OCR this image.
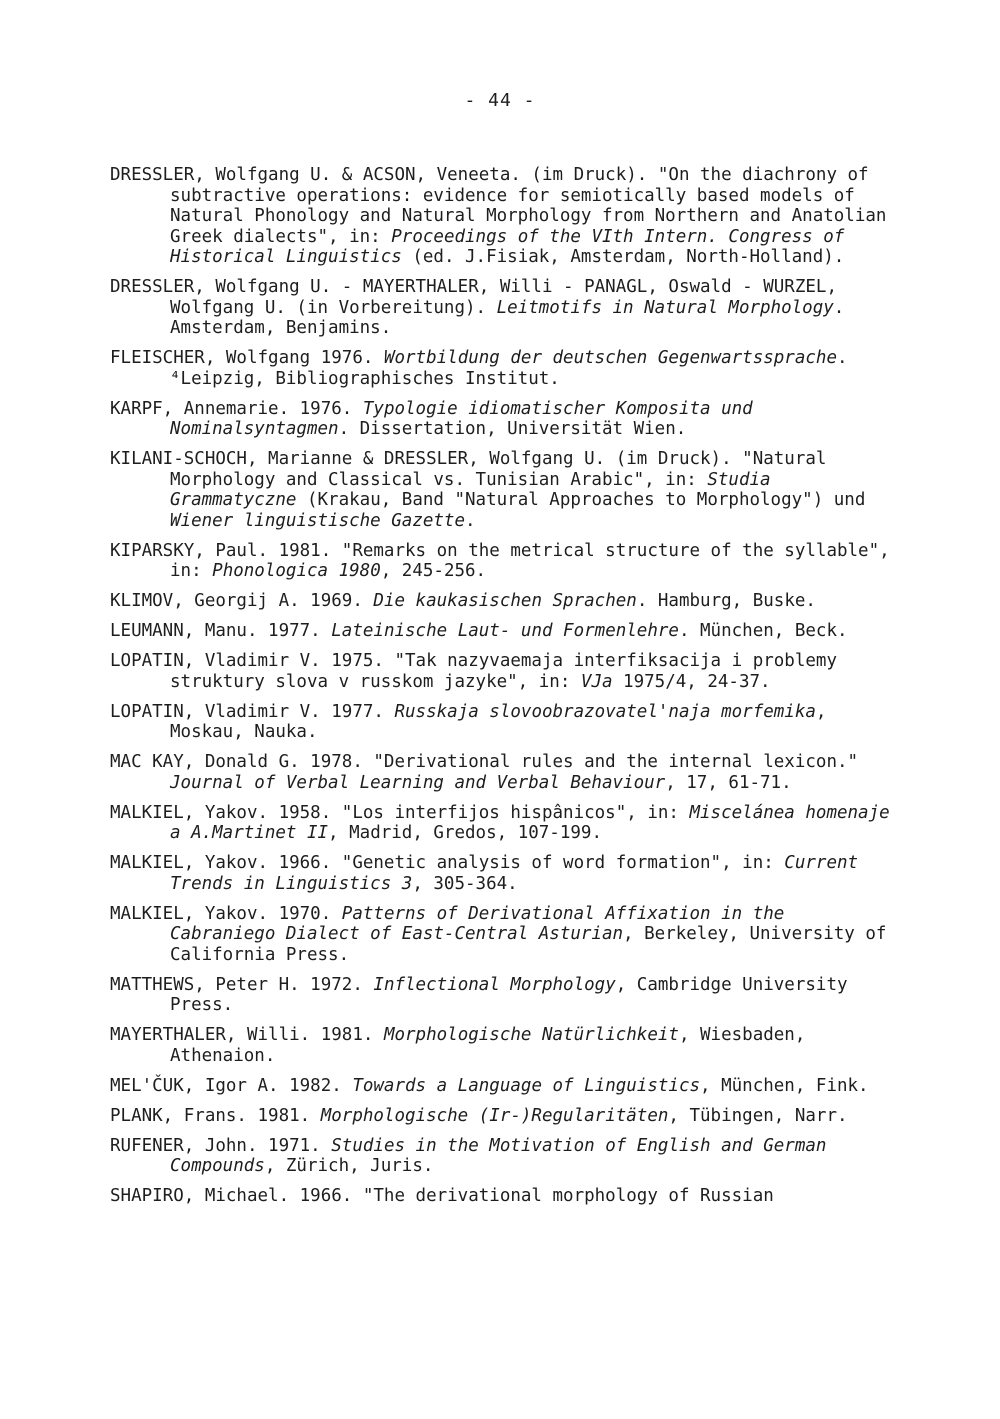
- 44 -

DRESSLER, Wolfgang U. & ACSON, Veneeta. (im Druck). "On the diachrony of subtractive operations: evidence for semiotically based models of Natural Phonology and Natural Morphology from Northern and Anatolian Greek dialects", in: Proceedings of the VIth Intern. Congress of Historical Linguistics (ed. J.Fisiak, Amsterdam, North-Holland).

DRESSLER, Wolfgang U. - MAYERTHALER, Willi - PANAGL, Oswald - WURZEL, Wolfgang U. (in Vorbereitung). Leitmotifs in Natural Morphology. Amsterdam, Benjamins.

FLEISCHER, Wolfgang 1976. Wortbildung der deutschen Gegenwartssprache. ⁴Leipzig, Bibliographisches Institut.

KARPF, Annemarie. 1976. Typologie idiomatischer Komposita und Nominalsyntagmen. Dissertation, Universität Wien.

KILANI-SCHOCH, Marianne & DRESSLER, Wolfgang U. (im Druck). "Natural Morphology and Classical vs. Tunisian Arabic", in: Studia Grammatyczne (Krakau, Band "Natural Approaches to Morphology") und Wiener linguistische Gazette.

KIPARSKY, Paul. 1981. "Remarks on the metrical structure of the syllable", in: Phonologica 1980, 245-256.

KLIMOV, Georgij A. 1969. Die kaukasischen Sprachen. Hamburg, Buske.

LEUMANN, Manu. 1977. Lateinische Laut- und Formenlehre. München, Beck.

LOPATIN, Vladimir V. 1975. "Tak nazyvaemaja interfiksacija i problemy struktury slova v russkom jazyke", in: VJa 1975/4, 24-37.

LOPATIN, Vladimir V. 1977. Russkaja slovoobrazovatel'naja morfemika, Moskau, Nauka.

MAC KAY, Donald G. 1978. "Derivational rules and the internal lexicon." Journal of Verbal Learning and Verbal Behaviour, 17, 61-71.

MALKIEL, Yakov. 1958. "Los interfijos hispânicos", in: Miscelánea homenaje a A.Martinet II, Madrid, Gredos, 107-199.

MALKIEL, Yakov. 1966. "Genetic analysis of word formation", in: Current Trends in Linguistics 3, 305-364.

MALKIEL, Yakov. 1970. Patterns of Derivational Affixation in the Cabraniego Dialect of East-Central Asturian, Berkeley, University of California Press.

MATTHEWS, Peter H. 1972. Inflectional Morphology, Cambridge University Press.

MAYERTHALER, Willi. 1981. Morphologische Natürlichkeit, Wiesbaden, Athenaion.

MEL'ČUK, Igor A. 1982. Towards a Language of Linguistics, München, Fink.

PLANK, Frans. 1981. Morphologische (Ir-)Regularitäten, Tübingen, Narr.

RUFENER, John. 1971. Studies in the Motivation of English and German Compounds, Zürich, Juris.

SHAPIRO, Michael. 1966. "The derivational morphology of Russian
